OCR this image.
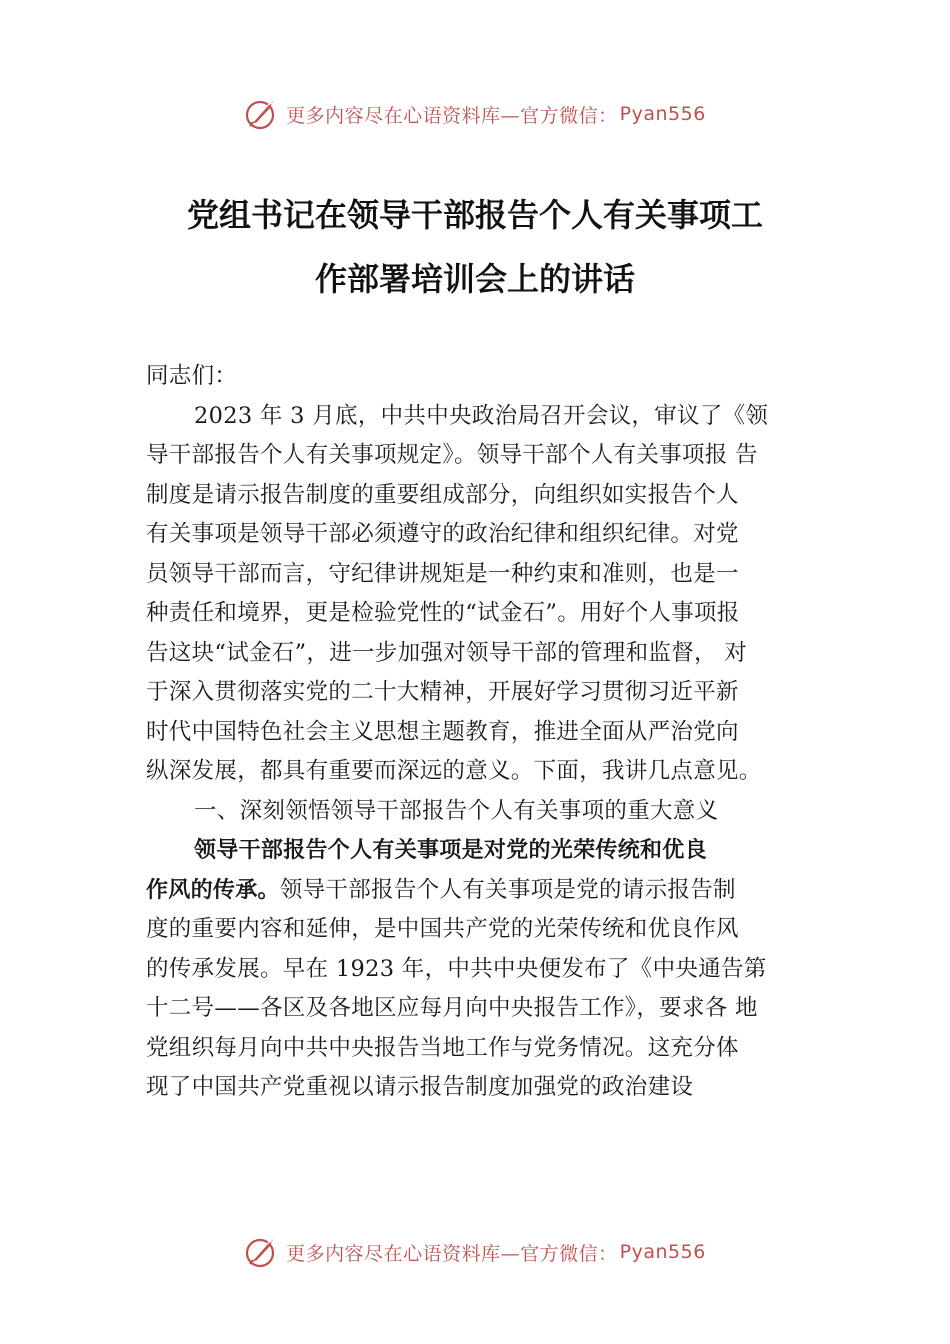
更多内容尽在心语资料库—官方微信： Pyan556
党组书记在领导干部报告个人有关事项工
作部署培训会上的讲话
同志们：
2023 年 3 月底，中共中央政治局召开会议，审议了《领
导干部报告个人有关事项规定》。领导干部个人有关事项报 告
制度是请示报告制度的重要组成部分，向组织如实报告个人
有关事项是领导干部必须遵守的政治纪律和组织纪律。对党
员领导干部而言，守纪律讲规矩是一种约束和准则，也是一
种责任和境界，更是检验党性的“试金石”。用好个人事项报
告这块“试金石”，进一步加强对领导干部的管理和监督， 对
于深入贯彻落实党的二十大精神，开展好学习贯彻习近平新
时代中国特色社会主义思想主题教育，推进全面从严治党向
纵深发展，都具有重要而深远的意义。下面，我讲几点意见。
一、深刻领悟领导干部报告个人有关事项的重大意义
领导干部报告个人有关事项是对党的光荣传统和优良
作风的传承。领导干部报告个人有关事项是党的请示报告制
度的重要内容和延伸，是中国共产党的光荣传统和优良作风
的传承发展。早在 1923 年，中共中央便发布了《中央通告第
十二号——各区及各地区应每月向中央报告工作》，要求各 地
党组织每月向中共中央报告当地工作与党务情况。这充分体
现了中国共产党重视以请示报告制度加强党的政治建设
更多内容尽在心语资料库—官方微信： Pyan556
